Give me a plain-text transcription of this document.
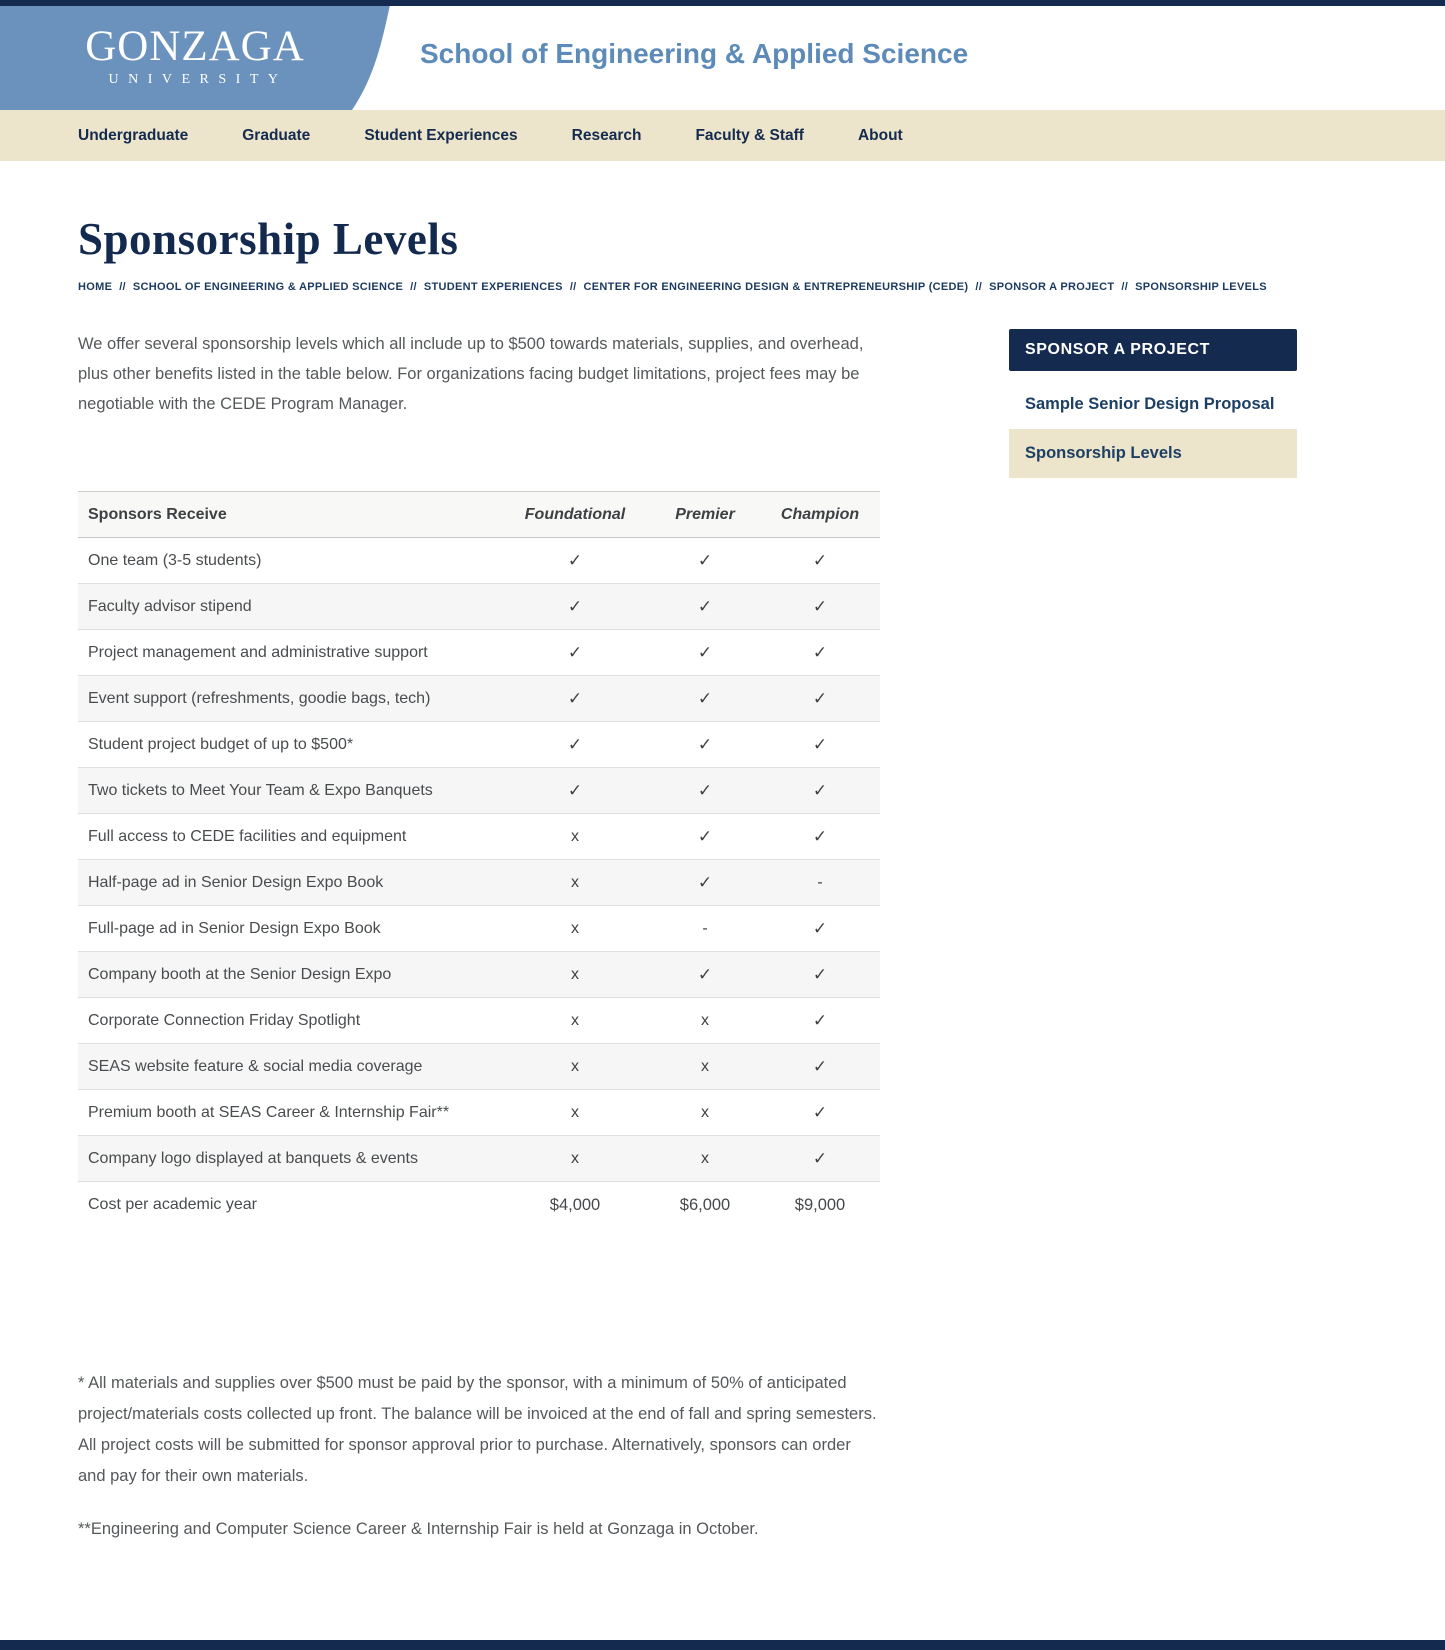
GONZAGA
UNIVERSITY
School of Engineering & Applied Science
Undergraduate	Graduate	Student Experiences	Research	Faculty & Staff	About
Sponsorship Levels
HOME // SCHOOL OF ENGINEERING & APPLIED SCIENCE // STUDENT EXPERIENCES // CENTER FOR ENGINEERING DESIGN & ENTREPRENEURSHIP (CEDE) // SPONSOR A PROJECT // SPONSORSHIP LEVELS

We offer several sponsorship levels which all include up to $500 towards materials, supplies, and overhead, plus other benefits listed in the table below. For organizations facing budget limitations, project fees may be negotiable with the CEDE Program Manager.

Sponsors Receive	Foundational	Premier	Champion
One team (3-5 students)	✓	✓	✓
Faculty advisor stipend	✓	✓	✓
Project management and administrative support	✓	✓	✓
Event support (refreshments, goodie bags, tech)	✓	✓	✓
Student project budget of up to $500*	✓	✓	✓
Two tickets to Meet Your Team & Expo Banquets	✓	✓	✓
Full access to CEDE facilities and equipment	x	✓	✓
Half-page ad in Senior Design Expo Book	x	✓	-
Full-page ad in Senior Design Expo Book	x	-	✓
Company booth at the Senior Design Expo	x	✓	✓
Corporate Connection Friday Spotlight	x	x	✓
SEAS website feature & social media coverage	x	x	✓
Premium booth at SEAS Career & Internship Fair**	x	x	✓
Company logo displayed at banquets & events	x	x	✓
Cost per academic year	$4,000	$6,000	$9,000

* All materials and supplies over $500 must be paid by the sponsor, with a minimum of 50% of anticipated project/materials costs collected up front. The balance will be invoiced at the end of fall and spring semesters. All project costs will be submitted for sponsor approval prior to purchase. Alternatively, sponsors can order and pay for their own materials.

**Engineering and Computer Science Career & Internship Fair is held at Gonzaga in October.

SPONSOR A PROJECT
Sample Senior Design Proposal
Sponsorship Levels
